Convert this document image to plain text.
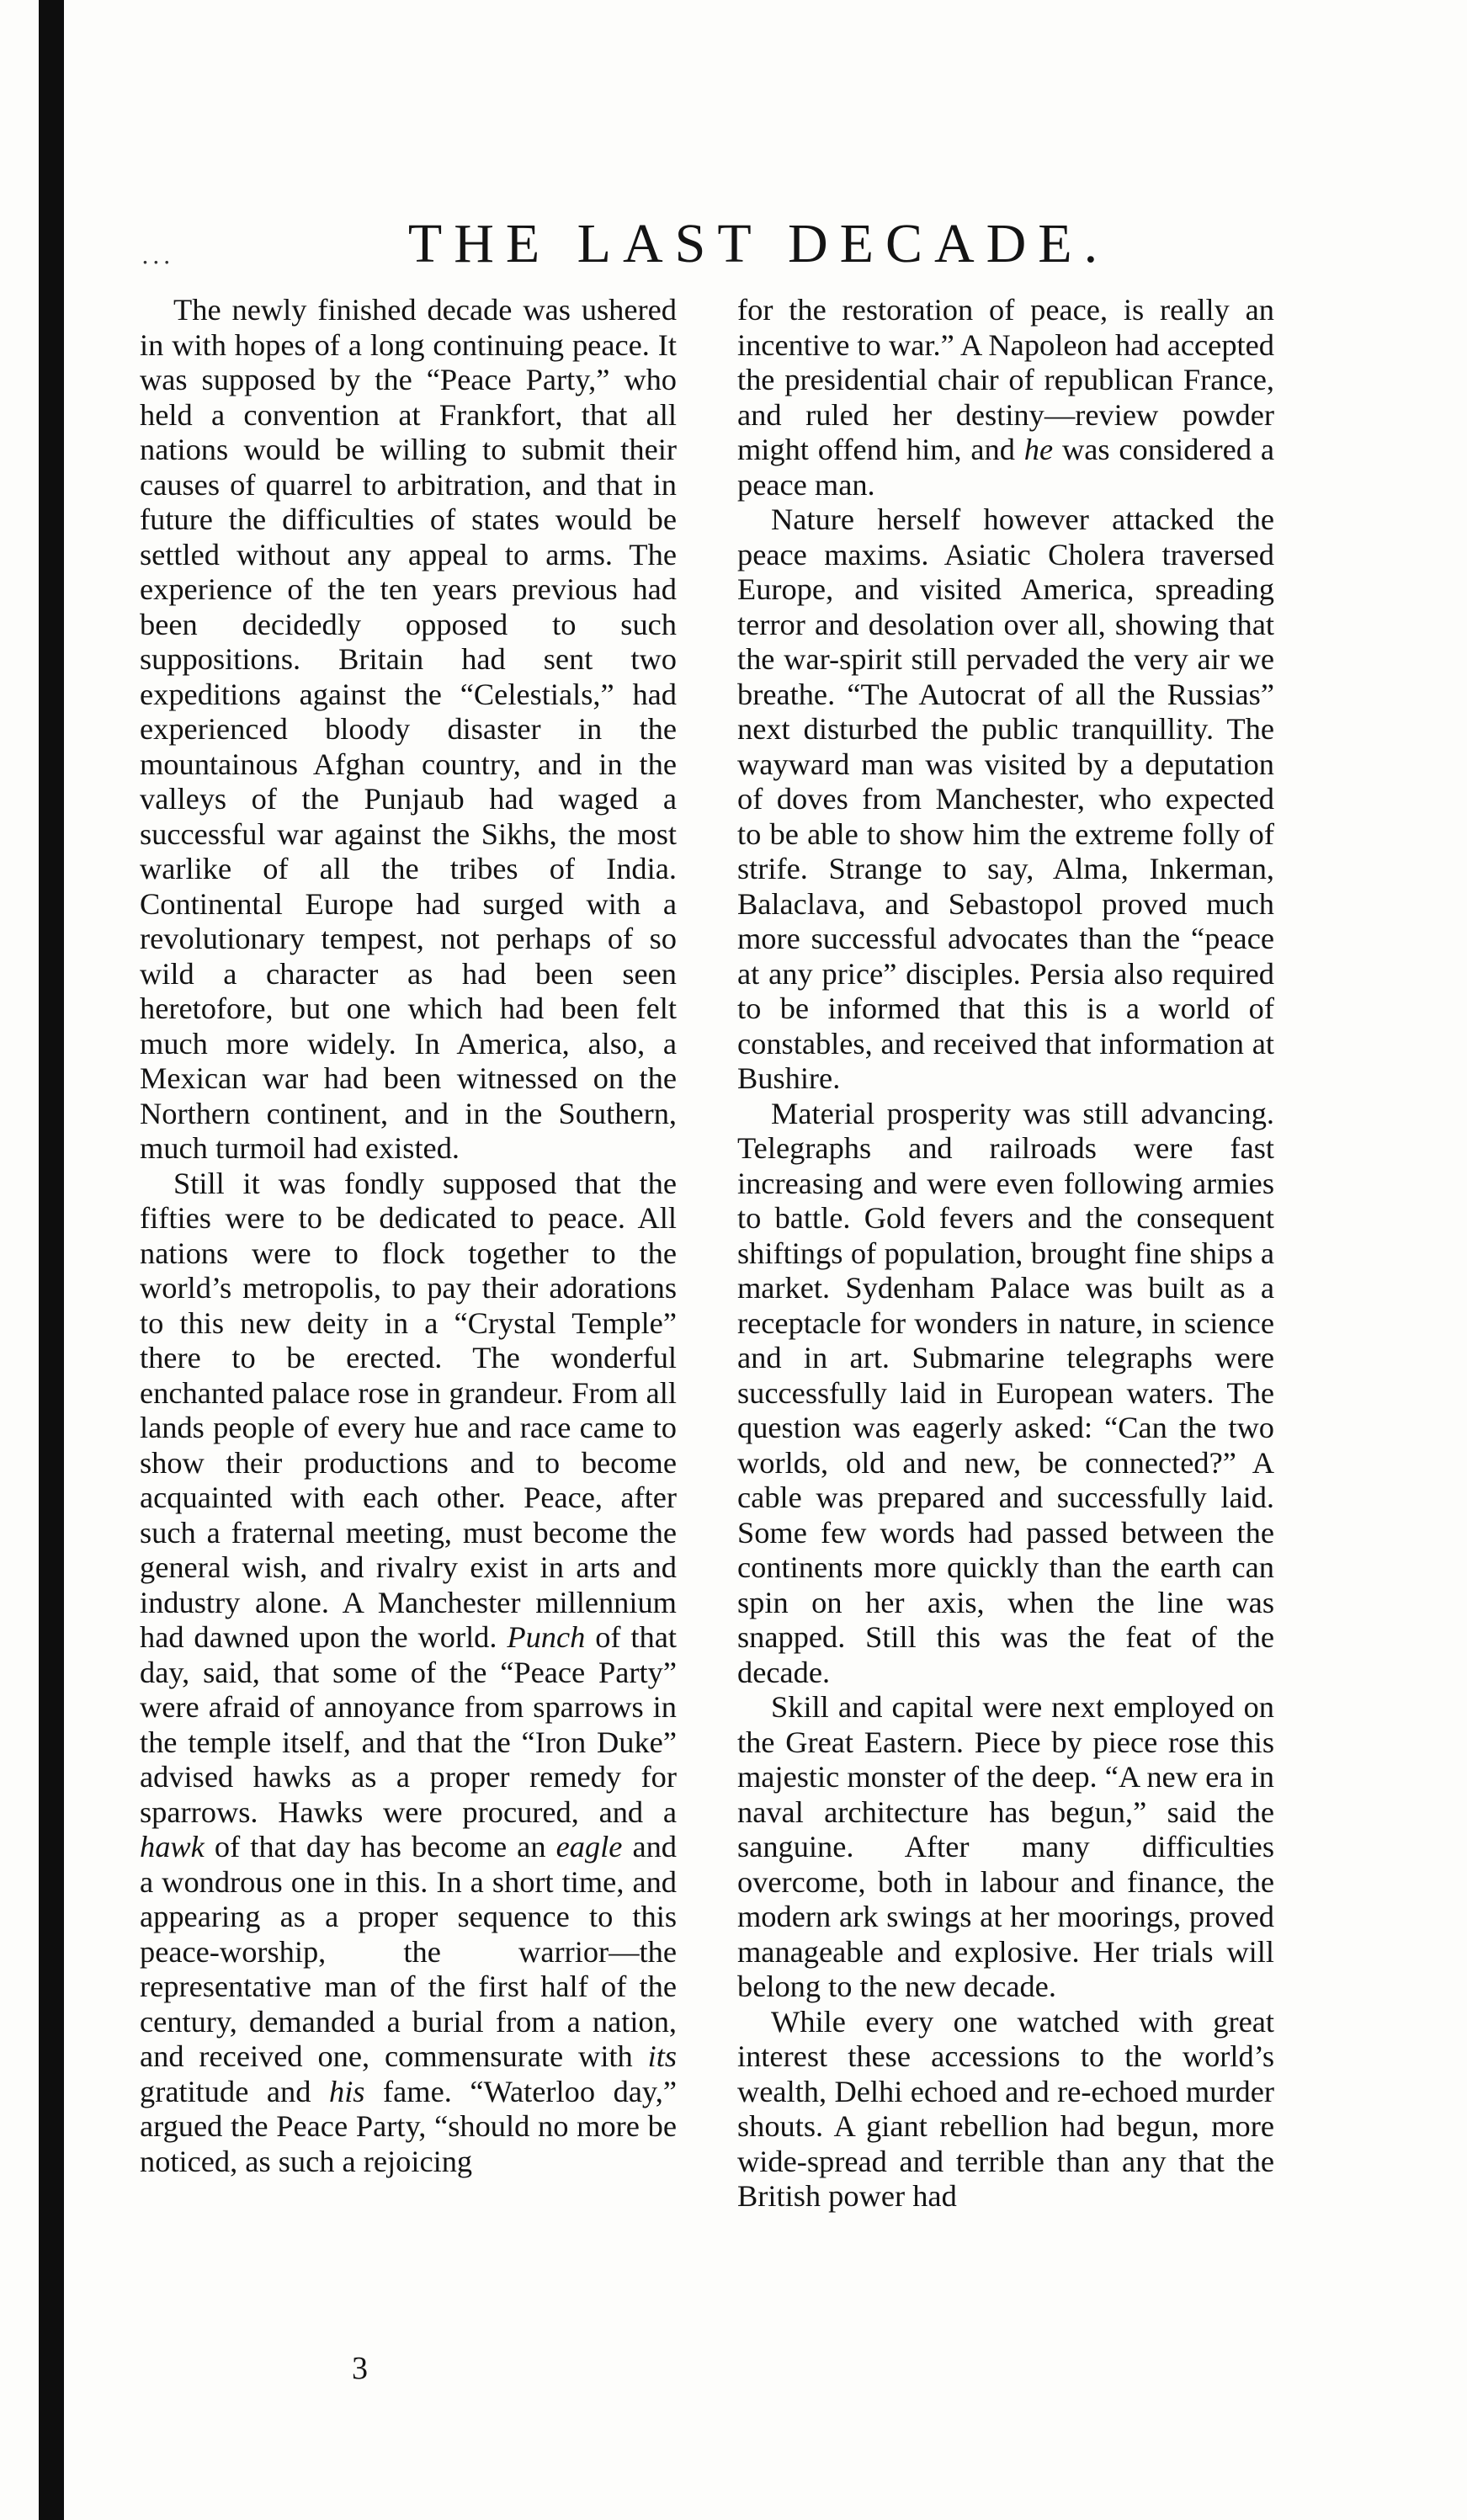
...	THE LAST DECADE.

The newly finished decade was ushered in with hopes of a long continuing peace. It was supposed by the “Peace Party,” who held a convention at Frankfort, that all nations would be willing to submit their causes of quarrel to arbitration, and that in future the difficulties of states would be settled without any appeal to arms. The experience of the ten years previous had been decidedly opposed to such suppositions. Britain had sent two expeditions against the “Celestials,” had experienced bloody disaster in the mountainous Afghan country, and in the valleys of the Punjaub had waged a successful war against the Sikhs, the most warlike of all the tribes of India. Continental Europe had surged with a revolutionary tempest, not perhaps of so wild a character as had been seen heretofore, but one which had been felt much more widely. In America, also, a Mexican war had been witnessed on the Northern continent, and in the Southern, much turmoil had existed.

Still it was fondly supposed that the fifties were to be dedicated to peace. All nations were to flock together to the world’s metropolis, to pay their adorations to this new deity in a “Crystal Temple” there to be erected. The wonderful enchanted palace rose in grandeur. From all lands people of every hue and race came to show their productions and to become acquainted with each other. Peace, after such a fraternal meeting, must become the general wish, and rivalry exist in arts and industry alone. A Manchester millennium had dawned upon the world. Punch of that day, said, that some of the “Peace Party” were afraid of annoyance from sparrows in the temple itself, and that the “Iron Duke” advised hawks as a proper remedy for sparrows. Hawks were procured, and a hawk of that day has become an eagle and a wondrous one in this. In a short time, and appearing as a proper sequence to this peace-worship, the warrior—the representative man of the first half of the century, demanded a burial from a nation, and received one, commensurate with its gratitude and his fame. “Waterloo day,” argued the Peace Party, “should no more be noticed, as such a rejoicing

for the restoration of peace, is really an incentive to war.” A Napoleon had accepted the presidential chair of republican France, and ruled her destiny—review powder might offend him, and he was considered a peace man.

Nature herself however attacked the peace maxims. Asiatic Cholera traversed Europe, and visited America, spreading terror and desolation over all, showing that the war-spirit still pervaded the very air we breathe. “The Autocrat of all the Russias” next disturbed the public tranquillity. The wayward man was visited by a deputation of doves from Manchester, who expected to be able to show him the extreme folly of strife. Strange to say, Alma, Inkerman, Balaclava, and Sebastopol proved much more successful advocates than the “peace at any price” disciples. Persia also required to be informed that this is a world of constables, and received that information at Bushire.

Material prosperity was still advancing. Telegraphs and railroads were fast increasing and were even following armies to battle. Gold fevers and the consequent shiftings of population, brought fine ships a market. Sydenham Palace was built as a receptacle for wonders in nature, in science and in art. Submarine telegraphs were successfully laid in European waters. The question was eagerly asked: “Can the two worlds, old and new, be connected?” A cable was prepared and successfully laid. Some few words had passed between the continents more quickly than the earth can spin on her axis, when the line was snapped. Still this was the feat of the decade.

Skill and capital were next employed on the Great Eastern. Piece by piece rose this majestic monster of the deep. “A new era in naval architecture has begun,” said the sanguine. After many difficulties overcome, both in labour and finance, the modern ark swings at her moorings, proved manageable and explosive. Her trials will belong to the new decade.

While every one watched with great interest these accessions to the world’s wealth, Delhi echoed and re-echoed murder shouts. A giant rebellion had begun, more wide-spread and terrible than any that the British power had

3
